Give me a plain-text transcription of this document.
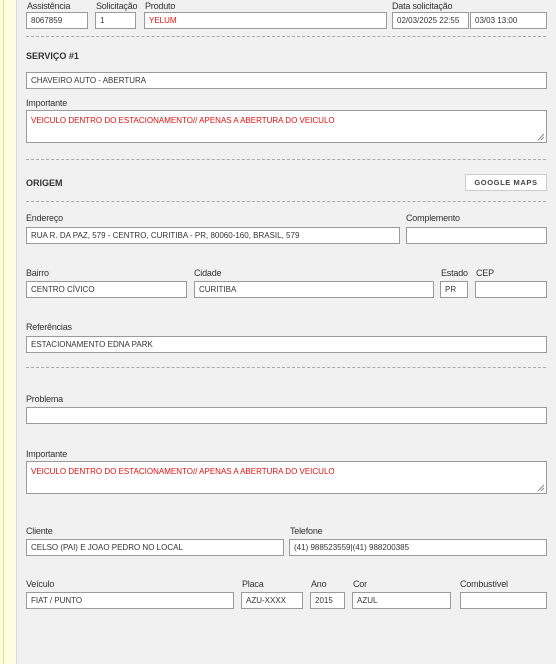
Assistência	Solicitação Produto	Data solicitação
8067859	1	YELUM	02/03/2025 22:55	03/03 13:00
SERVIÇO #1
CHAVEIRO AUTO - ABERTURA
Importante
VEICULO DENTRO DO ESTACIONAMENTO// APENAS A ABERTURA DO VEICULO
ORIGEM	GOOGLE MAPS
Endereço	Complemento
RUA R. DA PAZ, 579 - CENTRO, CURITIBA - PR, 80060-160, BRASIL, 579
Bairro	Cidade	Estado CEP
CENTRO CÍVICO	CURITIBA	PR
Referências
ESTACIONAMENTO EDNA PARK
Problema
Importante
VEICULO DENTRO DO ESTACIONAMENTO// APENAS A ABERTURA DO VEICULO
Cliente	Telefone
CELSO (PAI) E JOAO PEDRO NO LOCAL	(41) 988523559|(41) 988200385
Veículo	Placa	Ano	Cor	Combustível
FIAT / PUNTO	AZU-XXXX	2015	AZUL
